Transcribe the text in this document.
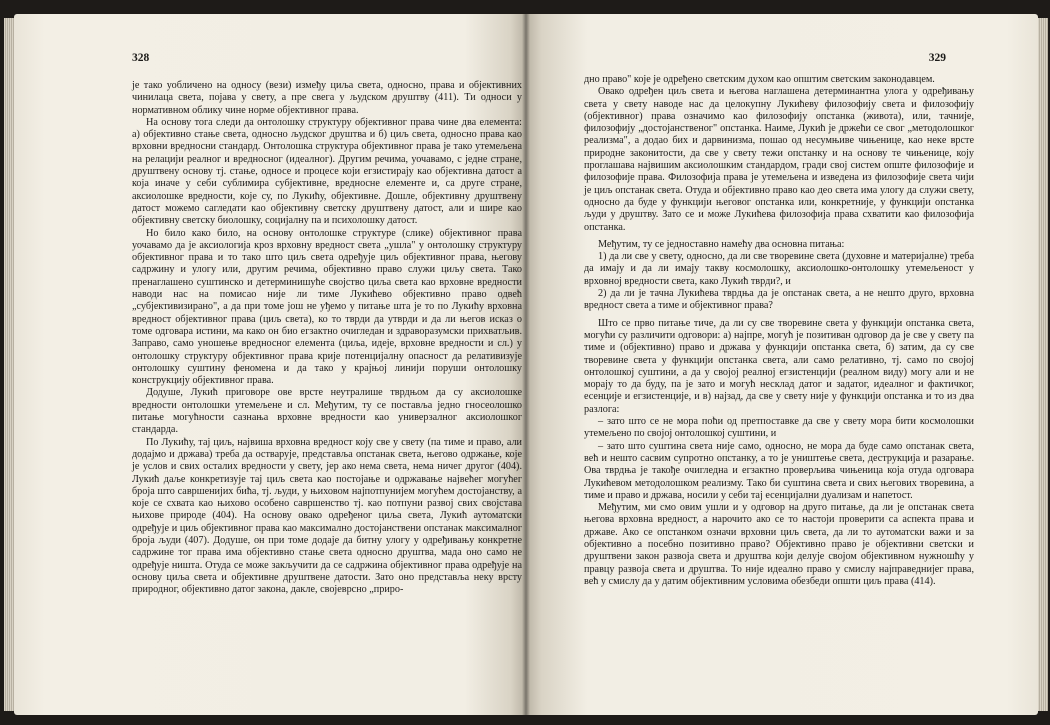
328

је тако уобличено на односу (вези) између циља света, односно, права и објективних чинилаца света, појава у свету, а пре свега у људском друштву (411). Ти односи у нормативном облику чине норме објективног права.

На основу тога следи да онтолошку структуру објективног права чине два елемента: а) објективно стање света, односно људског друштва и б) циљ света, односно права као врховни вредносни стандард. Онтолошка структура објективног права је тако утемељена на релацији реалног и вредносног (идеалног). Другим речима, уочавамо, с једне стране, друштвену основу тј. стање, односе и процесе који егзистирају као објективна датост а која иначе у себи сублимира субјективне, вредносне елементе и, са друге стране, аксиолошке вредности, које су, по Лукићу, објективне. Дошле, објективну друштвену датост можемо сагледати као објективну светску друштвену датост, али и шире као објективну светску биолошку, социјалну па и психолошку датост.

Но било како било, на основу онтолошке структуре (слике) објективног права уочавамо да је аксиологија кроз врховну вредност света „ушла" у онтолошку структуру објективног права и то тако што циљ света одређује циљ објективног права, његову садржину и улогу или, другим речима, објективно право служи циљу света. Тако пренаглашено суштинско и детерминишуће својство циља света као врховне вредности наводи нас на помисао није ли тиме Лукићево објективно право одвећ „субјективизирано", а да при томе још не уђемо у питање шта је то по Лукићу врховна вредност објективног права (циљ света), ко то тврди да утврди и да ли његов исказ о томе одговара истини, ма како он био егзактно очигледан и здраворазумски прихватљив. Заправо, само уношење вредносног елемента (циља, идеје, врховне вредности и сл.) у онтолошку структуру објективног права крије потенцијалну опасност да релативизује онтолошку суштину феномена и да тако у крајњој линији поруши онтолошку конструкцију објективног права.

Додуше, Лукић приговоре ове врсте неутралише тврдњом да су аксиолошке вредности онтолошки утемељене и сл. Међутим, ту се поставља једно гносеолошко питање могућности сазнања врховне вредности као универзалног аксиолошког стандарда.

По Лукићу, тај циљ, највиша врховна вредност коју све у свету (па тиме и право, али додајмо и држава) треба да остварује, представља опстанак света, његово одржање, које је услов и свих осталих вредности у свету, јер ако нема света, нема ничег другог (404). Лукић даље конкретизује тај циљ света као постојање и одржавање највећег могућег броја што савршенијих бића, тј. људи, у њиховом најпотпунијем могућем достојанству, а које се схвата као њихово особено савршенство тј. као потпуни развој свих својстава њихове природе (404). На основу овако одређеног циља света, Лукић аутоматски одређује и циљ објективног права као максимално достојанствени опстанак максималног броја људи (407). Додуше, он при томе додаје да битну улогу у одређивању конкретне садржине тог права има објективно стање света односно друштва, мада оно само не одређује ништа. Отуда се може закључити да се садржина објективног права одређује на основу циља света и објективне друштвене датости. Зато оно представља неку врсту природног, објективно датог закона, дакле, својеврсно „приро-

329

дно право" које је одређено светским духом као општим светским законодавцем.

Овако одређен циљ света и његова наглашена детерминантна улога у одређивању света у свету наводе нас да целокупну Лукићеву филозофију света и филозофију (објективног) права означимо као филозофију опстанка (живота), или, тачније, филозофију „достојанственог" опстанка. Наиме, Лукић је држећи се свог „методолошког реализма", а додао бих и дарвинизма, пошао од несумњиве чињенице, као некe врсте природне законитости, да све у свету тежи опстанку и на основу те чињенице, коју проглашава највишим аксиолошким стандардом, гради свој систем опште филозофије и филозофије права. Филозофија права је утемељена и изведена из филозофије света чији је циљ опстанак света. Отуда и објективно право као део света има улогу да служи свету, односно да буде у функцији његовог опстанка или, конкретније, у функцији опстанка људи у друштву. Зато се и може Лукићева филозофија права схватити као филозофија опстанка.

Међутим, ту се једноставно намећу два основна питања:

1) да ли све у свету, односно, да ли све творевине света (духовне и материјалне) треба да имају и да ли имају такву космолошку, аксиолошко-онтолошку утемељеност у врховној вредности света, како Лукић тврди?, и

2) да ли је тачна Лукићева тврдња да је опстанак света, а не нешто друго, врховна вредност света а тиме и објективног права?

Што се прво питање тиче, да ли су све творевине света у функцији опстанка света, могући су различити одговори: а) најпре, могућ је позитиван одговор да је све у свету па тиме и (објективно) право и држава у функцији опстанка света, б) затим, да су све творевине света у функцији опстанка света, али само релативно, тј. само по својој онтолошкој суштини, а да у својој реалној егзистенцији (реалном виду) могу али и не морају то да буду, па је зато и могућ несклад датог и задатог, идеалног и фактичког, есенције и егзистенције, и в) најзад, да све у свету није у функцији опстанка и то из два разлога:

– зато што се не мора поћи од претпоставке да све у свету мора бити космолошки утемељено по својој онтолошкој суштини, и

– зато што суштина света није само, односно, не мора да буде само опстанак света, већ и нешто сасвим супротно опстанку, а то је уништење света, деструкција и разарање. Ова тврдња је такође очигледна и егзактно проверљива чињеница која отуда одговара Лукићевом методолошком реализму. Тако би суштина света и свих његових творевина, а тиме и право и држава, носили у себи тај есенцијални дуализам и напетост.

Међутим, ми смо овим ушли и у одговор на друго питање, да ли је опстанак света његова врховна вредност, а нарочито ако се то настоји проверити са аспекта права и државе. Ако се опстанком означи врховни циљ света, да ли то аутоматски важи и за објективно а посебно позитивно право? Објективно право је објективни светски и друштвени закон развоја света и друштва који делује својом објективном нужношћу у правцу развоја света и друштва. То није идеално право у смислу најправеднијег права, већ у смислу да у датим објективним условима обезбеди општи циљ права (414).
